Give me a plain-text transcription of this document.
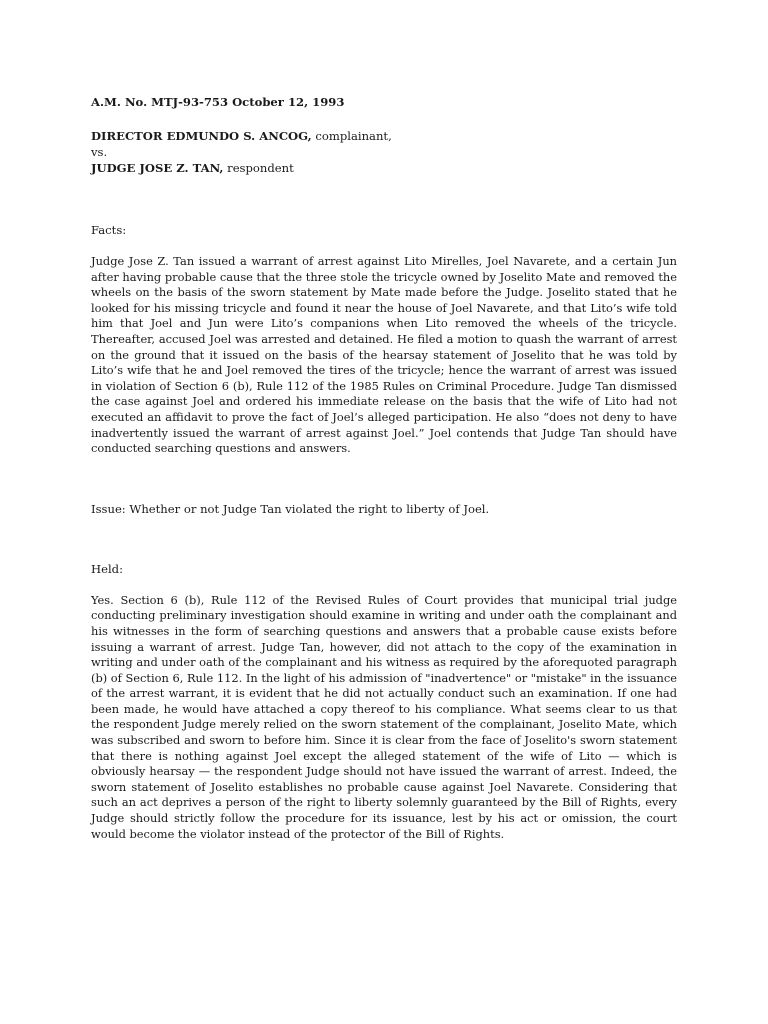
A.M. No. MTJ-93-753 October 12, 1993

DIRECTOR EDMUNDO S. ANCOG, complainant,

vs.

JUDGE JOSE Z. TAN, respondent

Facts:

Judge Jose Z. Tan issued a warrant of arrest against Lito Mirelles, Joel Navarete, and a certain Jun after having probable cause that the three stole the tricycle owned by Joselito Mate and removed the wheels on the basis of the sworn statement by Mate made before the Judge. Joselito stated that he looked for his missing tricycle and found it near the house of Joel Navarete, and that Lito’s wife told him that Joel and Jun were Lito’s companions when Lito removed the wheels of the tricycle. Thereafter, accused Joel was arrested and detained. He filed a motion to quash the warrant of arrest on the ground that it issued on the basis of the hearsay statement of Joselito that he was told by Lito’s wife that he and Joel removed the tires of the tricycle; hence the warrant of arrest was issued in violation of Section 6 (b), Rule 112 of the 1985 Rules on Criminal Procedure. Judge Tan dismissed the case against Joel and ordered his immediate release on the basis that the wife of Lito had not executed an affidavit to prove the fact of Joel’s alleged participation. He also “does not deny to have inadvertently issued the warrant of arrest against Joel.” Joel contends that Judge Tan should have conducted searching questions and answers.

Issue: Whether or not Judge Tan violated the right to liberty of Joel.

Held:

Yes. Section 6 (b), Rule 112 of the Revised Rules of Court provides that municipal trial judge conducting preliminary investigation should examine in writing and under oath the complainant and his witnesses in the form of searching questions and answers that a probable cause exists before issuing a warrant of arrest. Judge Tan, however, did not attach to the copy of the examination in writing and under oath of the complainant and his witness as required by the aforequoted paragraph (b) of Section 6, Rule 112. In the light of his admission of "inadvertence" or "mistake" in the issuance of the arrest warrant, it is evident that he did not actually conduct such an examination. If one had been made, he would have attached a copy thereof to his compliance. What seems clear to us that the respondent Judge merely relied on the sworn statement of the complainant, Joselito Mate, which was subscribed and sworn to before him. Since it is clear from the face of Joselito's sworn statement that there is nothing against Joel except the alleged statement of the wife of Lito — which is obviously hearsay — the respondent Judge should not have issued the warrant of arrest. Indeed, the sworn statement of Joselito establishes no probable cause against Joel Navarete. Considering that such an act deprives a person of the right to liberty solemnly guaranteed by the Bill of Rights, every Judge should strictly follow the procedure for its issuance, lest by his act or omission, the court would become the violator instead of the protector of the Bill of Rights.
